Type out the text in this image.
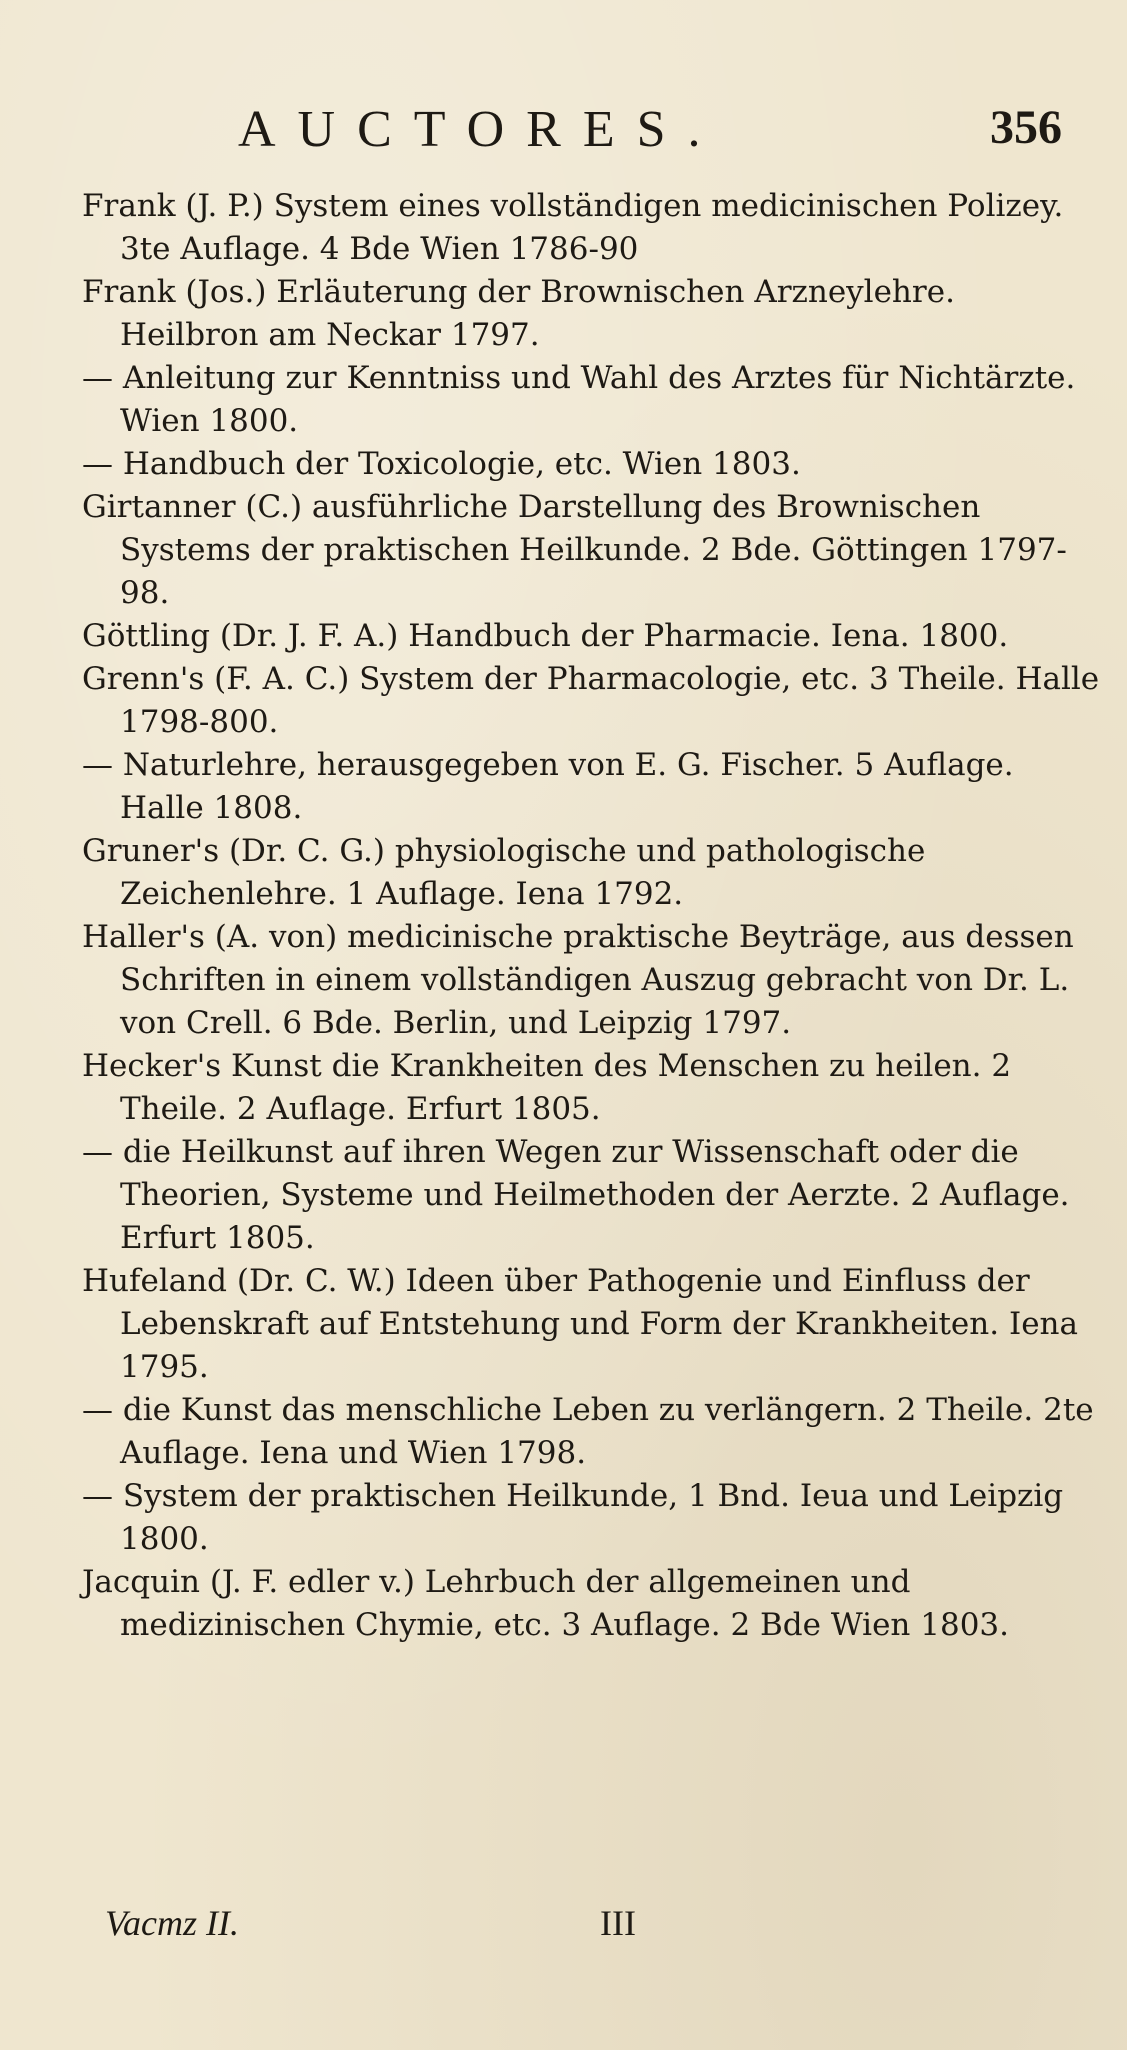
AUCTORES.	356
Frank (J. P.) System eines vollständigen medicinischen Polizey. 3te Auflage. 4 Bde Wien 1786-90
Frank (Jos.) Erläuterung der Brownischen Arzneylehre. Heilbron am Neckar 1797.
— Anleitung zur Kenntniss und Wahl des Arztes für Nichtärzte. Wien 1800.
— Handbuch der Toxicologie, etc. Wien 1803.
Girtanner (C.) ausführliche Darstellung des Brownischen Systems der praktischen Heilkunde. 2 Bde. Göttingen 1797-98.
Göttling (Dr. J. F. A.) Handbuch der Pharmacie. Iena. 1800.
Grenn's (F. A. C.) System der Pharmacologie, etc. 3 Theile. Halle 1798-800.
— Naturlehre, herausgegeben von E. G. Fischer. 5 Auflage. Halle 1808.
Gruner's (Dr. C. G.) physiologische und pathologische Zeichenlehre. 1 Auflage. Iena 1792.
Haller's (A. von) medicinische praktische Beyträge, aus dessen Schriften in einem vollständigen Auszug gebracht von Dr. L. von Crell. 6 Bde. Berlin, und Leipzig 1797.
Hecker's Kunst die Krankheiten des Menschen zu heilen. 2 Theile. 2 Auflage. Erfurt 1805.
— die Heilkunst auf ihren Wegen zur Wissenschaft oder die Theorien, Systeme und Heilmethoden der Aerzte. 2 Auflage. Erfurt 1805.
Hufeland (Dr. C. W.) Ideen über Pathogenie und Einfluss der Lebenskraft auf Entstehung und Form der Krankheiten. Iena 1795.
— die Kunst das menschliche Leben zu verlängern. 2 Theile. 2te Auflage. Iena und Wien 1798.
— System der praktischen Heilkunde, 1 Bnd. Ieua und Leipzig 1800.
Jacquin (J. F. edler v.) Lehrbuch der allgemeinen und medizinischen Chymie, etc. 3 Auflage. 2 Bde Wien 1803.
Vacmz II.	III
